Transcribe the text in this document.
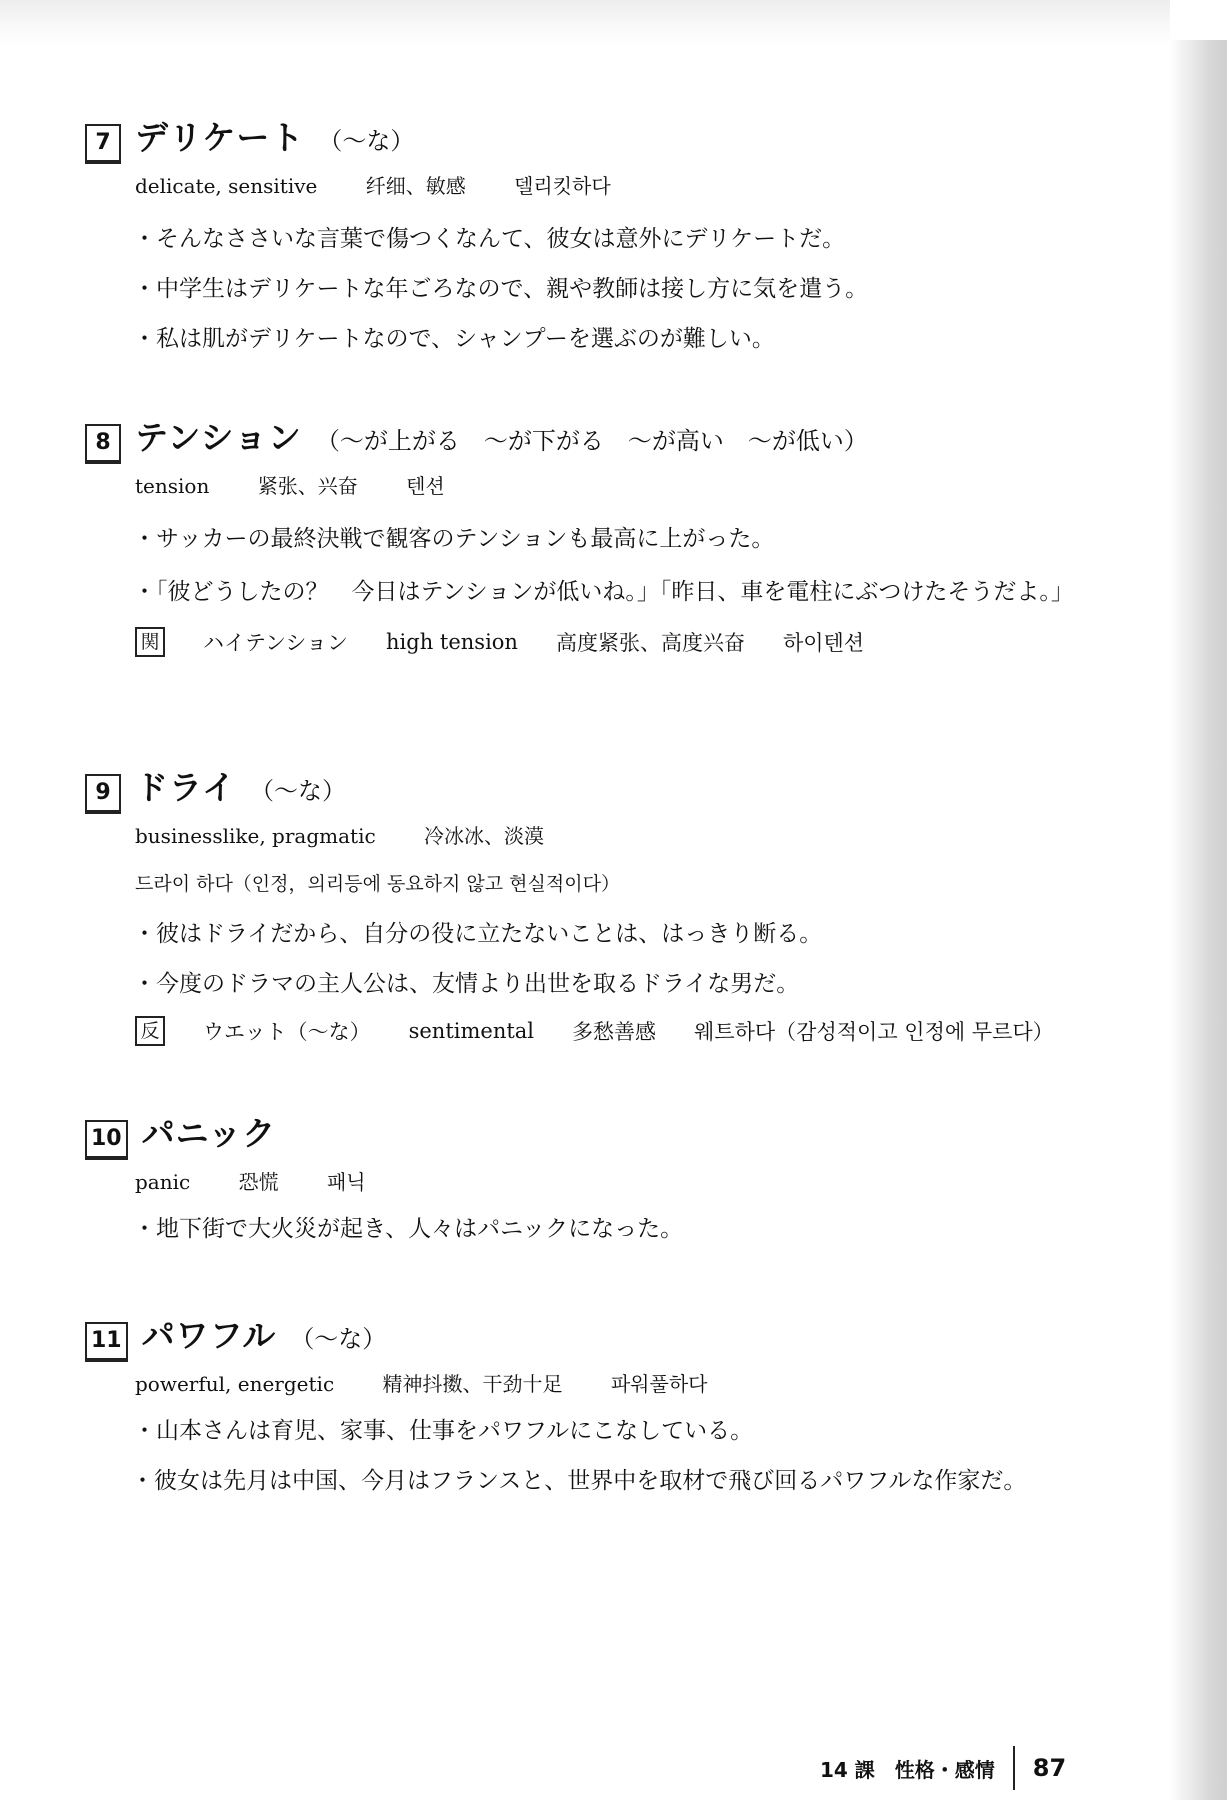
7 デリケート （～な）
delicate, sensitive 纤细、敏感 델리킷하다
・そんなささいな言葉で傷つくなんて、彼女は意外にデリケートだ。
・中学生はデリケートな年ごろなので、親や教師は接し方に気を遣う。
・私は肌がデリケートなので、シャンプーを選ぶのが難しい。
8 テンション （～が上がる　～が下がる　～が高い　～が低い）
tension 紧张、兴奋 텐션
・サッカーの最終決戦で観客のテンションも最高に上がった。
・「彼どうしたの？　今日はテンションが低いね。」「昨日、車を電柱にぶつけたそうだよ。」
関 ハイテンション high tension 高度紧张、高度兴奋 하이텐션
9 ドライ （～な）
businesslike, pragmatic 冷冰冰、淡漠
드라이 하다（인정，의리등에 동요하지 않고 현실적이다）
・彼はドライだから、自分の役に立たないことは、はっきり断る。
・今度のドラマの主人公は、友情より出世を取るドライな男だ。
反 ウエット（～な） sentimental 多愁善感 웨트하다（감성적이고 인정에 무르다）
10 パニック
panic 恐慌 패닉
・地下街で大火災が起き、人々はパニックになった。
11 パワフル （～な）
powerful, energetic 精神抖擞、干劲十足 파워풀하다
・山本さんは育児、家事、仕事をパワフルにこなしている。
・彼女は先月は中国、今月はフランスと、世界中を取材で飛び回るパワフルな作家だ。
14 課　性格・感情 87
